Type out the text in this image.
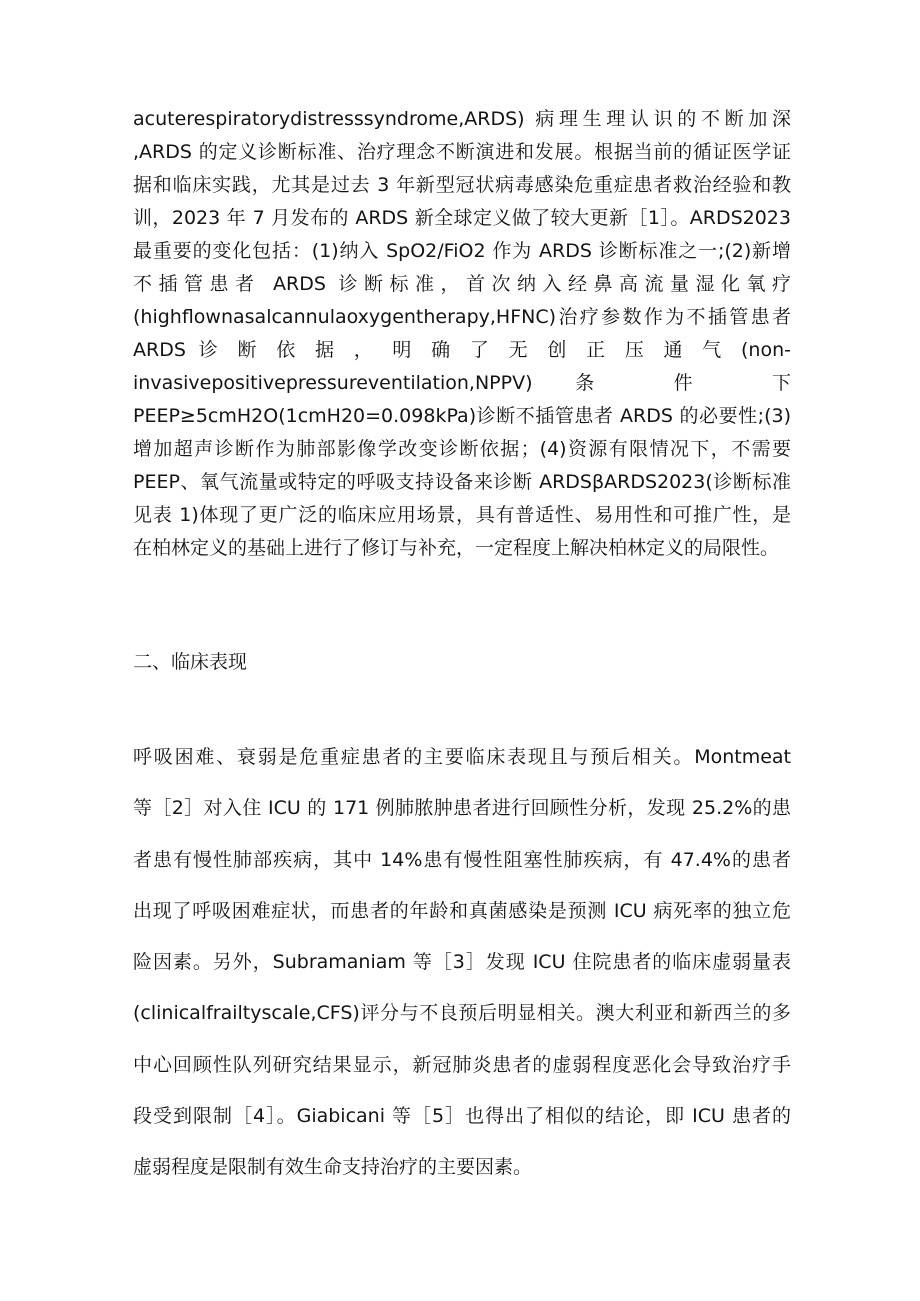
acuterespiratorydistresssyndrome,ARDS) 病理生理认识的不断加深
,ARDS 的定义诊断标准、治疗理念不断演进和发展。根据当前的循证医学证
据和临床实践，尤其是过去 3 年新型冠状病毒感染危重症患者救治经验和教
训，2023 年 7 月发布的 ARDS 新全球定义做了较大更新［1］。ARDS2023
最重要的变化包括：(1)纳入 SpO2/FiO2 作为 ARDS 诊断标准之一;(2)新增
不插管患者 ARDS 诊断标准，首次纳入经鼻高流量湿化氧疗
(highflownasalcannulaoxygentherapy,HFNC)治疗参数作为不插管患者
ARDS 诊 断 依 据 ， 明 确 了 无 创 正 压 通 气 (non-
invasivepositivepressureventilation,NPPV) 条 件 下
PEEP≥5cmH2O(1cmH20=0.098kPa)诊断不插管患者 ARDS 的必要性;(3)
增加超声诊断作为肺部影像学改变诊断依据；(4)资源有限情况下，不需要
PEEP、氧气流量或特定的呼吸支持设备来诊断 ARDSβARDS2023(诊断标准
见表 1)体现了更广泛的临床应用场景，具有普适性、易用性和可推广性，是
在柏林定义的基础上进行了修订与补充，一定程度上解决柏林定义的局限性。
二、临床表现
呼吸困难、衰弱是危重症患者的主要临床表现且与预后相关。Montmeat
等［2］对入住 ICU 的 171 例肺脓肿患者进行回顾性分析，发现 25.2%的患
者患有慢性肺部疾病，其中 14%患有慢性阻塞性肺疾病，有 47.4%的患者
出现了呼吸困难症状，而患者的年龄和真菌感染是预测 ICU 病死率的独立危
险因素。另外，Subramaniam 等［3］发现 ICU 住院患者的临床虚弱量表
(clinicalfrailtyscale,CFS)评分与不良预后明显相关。澳大利亚和新西兰的多
中心回顾性队列研究结果显示，新冠肺炎患者的虚弱程度恶化会导致治疗手
段受到限制［4］。Giabicani 等［5］也得出了相似的结论，即 ICU 患者的
虚弱程度是限制有效生命支持治疗的主要因素。
